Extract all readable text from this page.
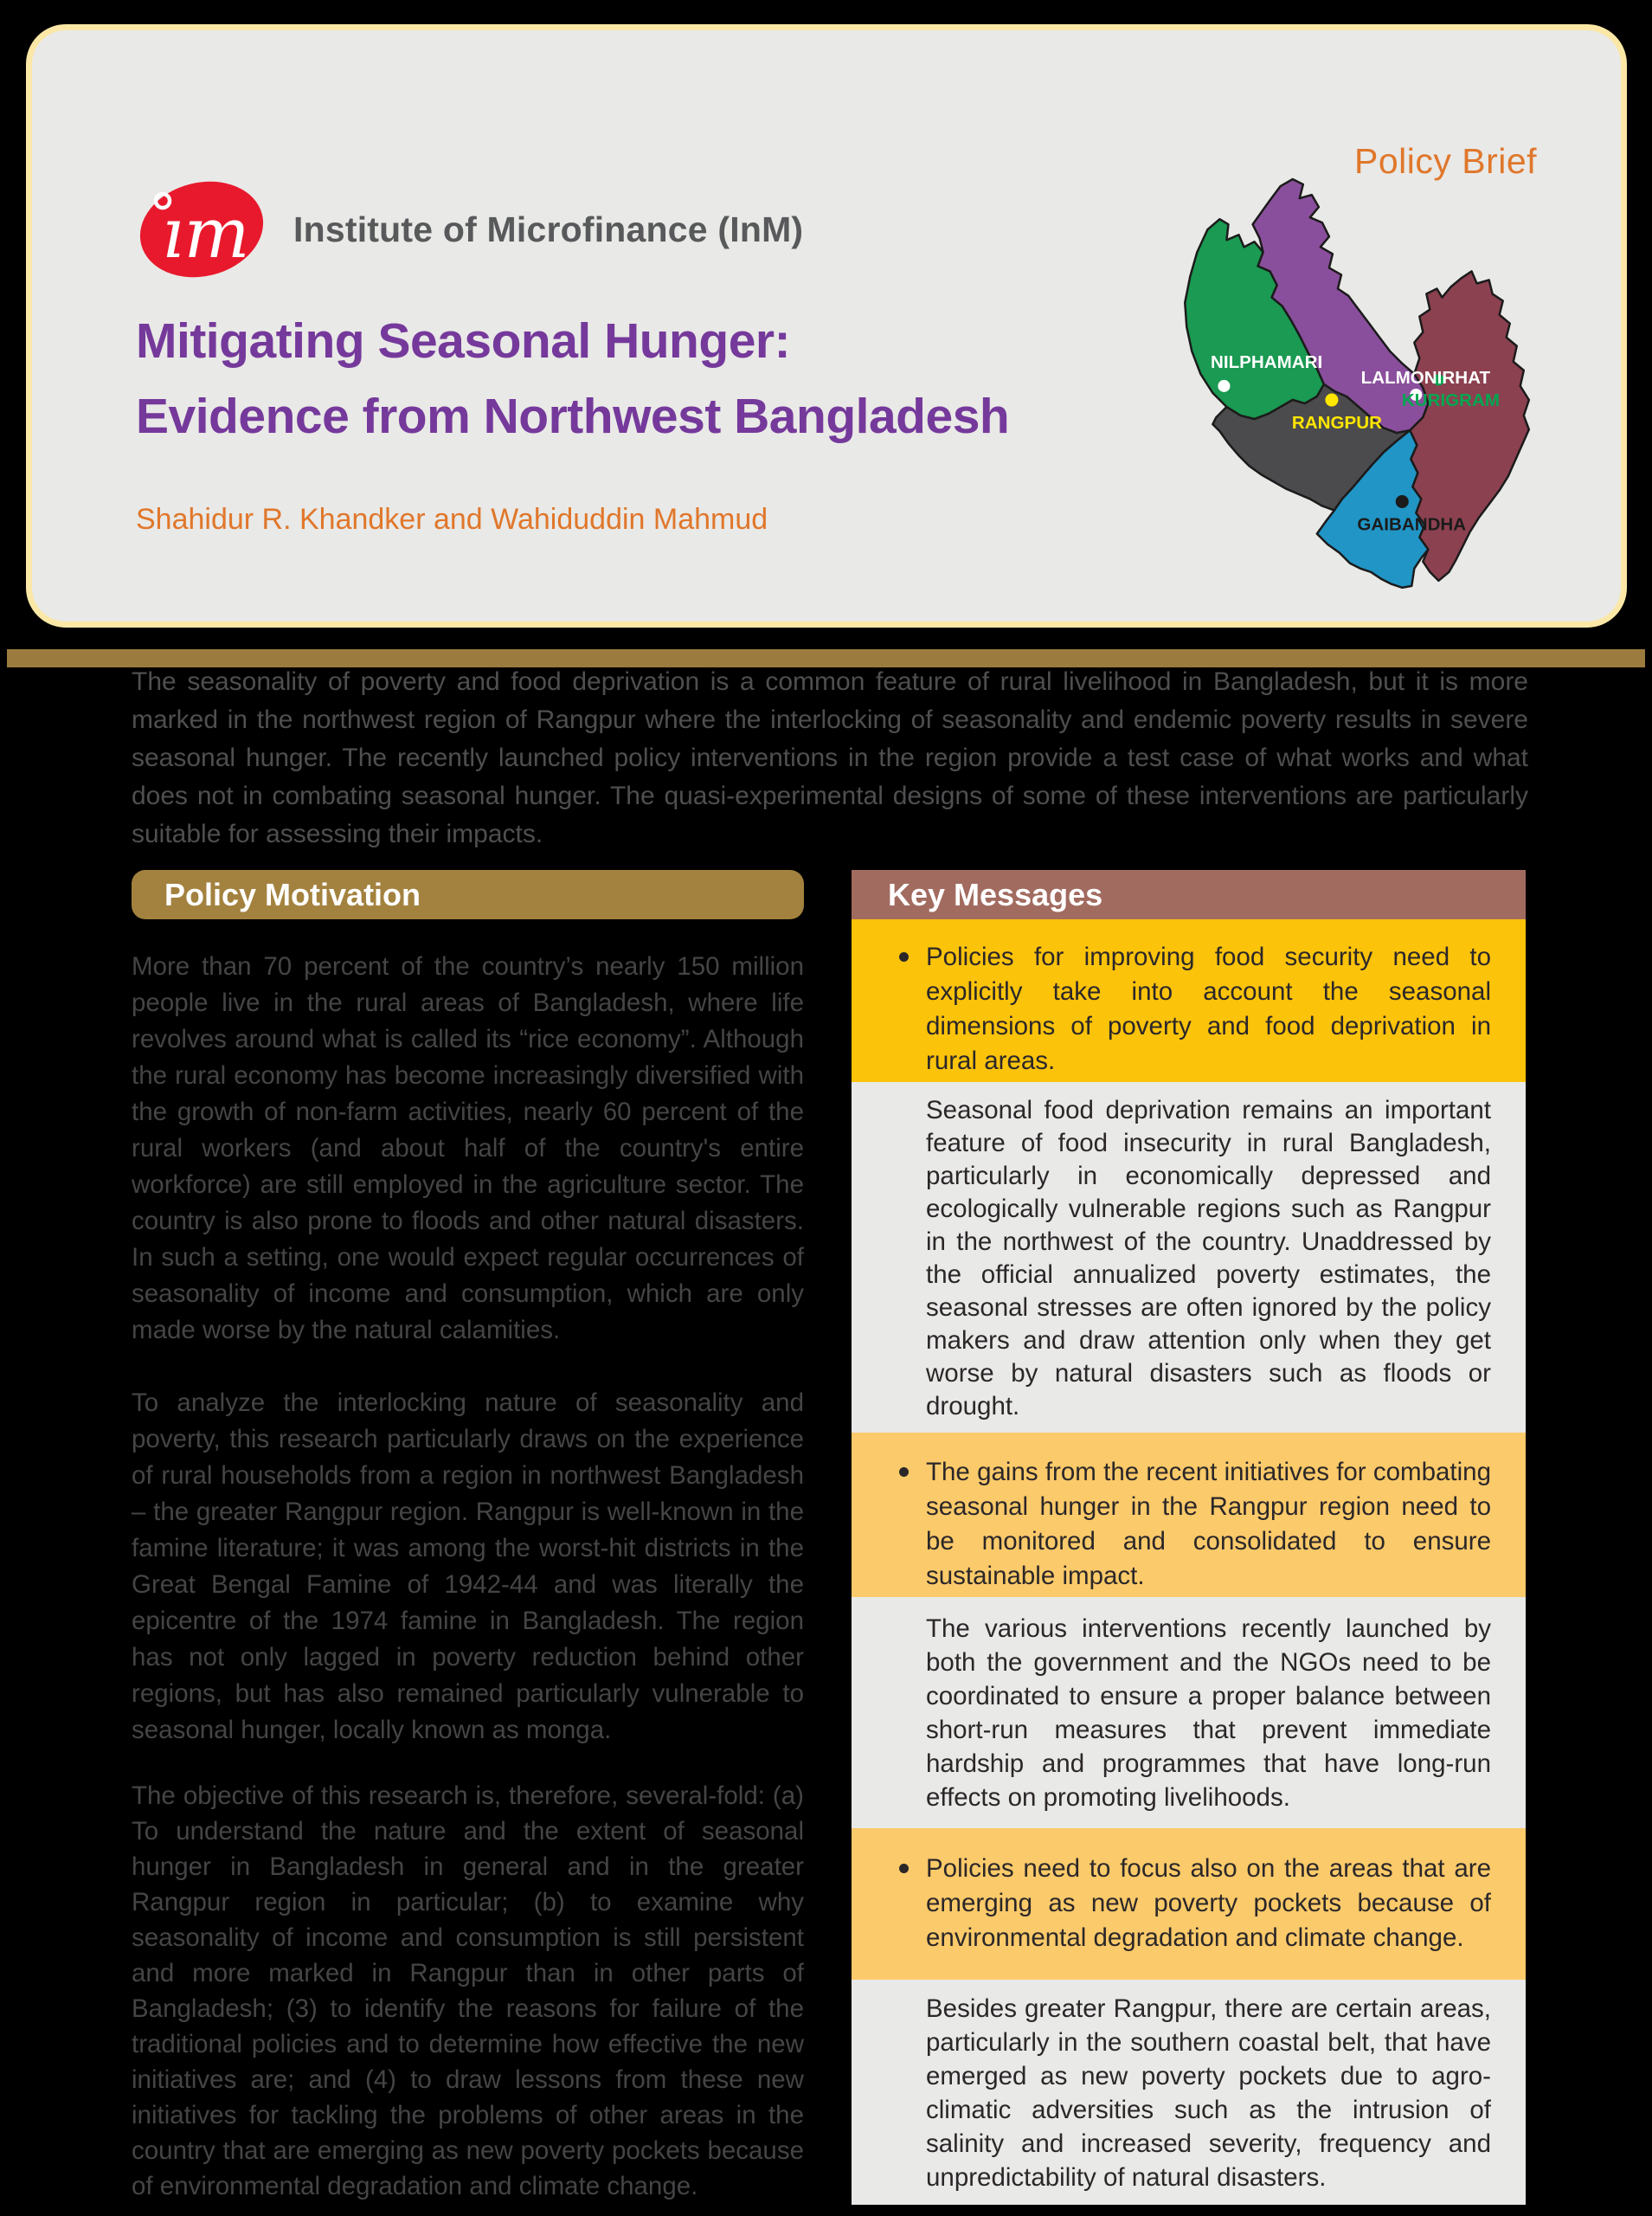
Policy Brief
ım Institute of Microfinance (InM)
Mitigating Seasonal Hunger:
Evidence from Northwest Bangladesh
Shahidur R. Khandker and Wahiduddin Mahmud
NILPHAMARI
LALMONIRHAT
KURIGRAM
RANGPUR
GAIBANDHA

The seasonality of poverty and food deprivation is a common feature of rural livelihood in Bangladesh, but it is more marked in the northwest region of Rangpur where the interlocking of seasonality and endemic poverty results in severe seasonal hunger. The recently launched policy interventions in the region provide a test case of what works and what does not in combating seasonal hunger. The quasi-experimental designs of some of these interventions are particularly suitable for assessing their impacts.

Policy Motivation

More than 70 percent of the country’s nearly 150 million people live in the rural areas of Bangladesh, where life revolves around what is called its “rice economy”. Although the rural economy has become increasingly diversified with the growth of non-farm activities, nearly 60 percent of the rural workers (and about half of the country's entire workforce) are still employed in the agriculture sector. The country is also prone to floods and other natural disasters. In such a setting, one would expect regular occurrences of seasonality of income and consumption, which are only made worse by the natural calamities.

To analyze the interlocking nature of seasonality and poverty, this research particularly draws on the experience of rural households from a region in northwest Bangladesh – the greater Rangpur region. Rangpur is well-known in the famine literature; it was among the worst-hit districts in the Great Bengal Famine of 1942-44 and was literally the epicentre of the 1974 famine in Bangladesh. The region has not only lagged in poverty reduction behind other regions, but has also remained particularly vulnerable to seasonal hunger, locally known as monga.

The objective of this research is, therefore, several-fold: (a) To understand the nature and the extent of seasonal hunger in Bangladesh in general and in the greater Rangpur region in particular; (b) to examine why seasonality of income and consumption is still persistent and more marked in Rangpur than in other parts of Bangladesh; (3) to identify the reasons for failure of the traditional policies and to determine how effective the new initiatives are; and (4) to draw lessons from these new initiatives for tackling the problems of other areas in the country that are emerging as new poverty pockets because of environmental degradation and climate change.

Key Messages

Policies for improving food security need to explicitly take into account the seasonal dimensions of poverty and food deprivation in rural areas.

Seasonal food deprivation remains an important feature of food insecurity in rural Bangladesh, particularly in economically depressed and ecologically vulnerable regions such as Rangpur in the northwest of the country. Unaddressed by the official annualized poverty estimates, the seasonal stresses are often ignored by the policy makers and draw attention only when they get worse by natural disasters such as floods or drought.

The gains from the recent initiatives for combating seasonal hunger in the Rangpur region need to be monitored and consolidated to ensure sustainable impact.

The various interventions recently launched by both the government and the NGOs need to be coordinated to ensure a proper balance between short-run measures that prevent immediate hardship and programmes that have long-run effects on promoting livelihoods.

Policies need to focus also on the areas that are emerging as new poverty pockets because of environmental degradation and climate change.

Besides greater Rangpur, there are certain areas, particularly in the southern coastal belt, that have emerged as new poverty pockets due to agro-climatic adversities such as the intrusion of salinity and increased severity, frequency and unpredictability of natural disasters.
